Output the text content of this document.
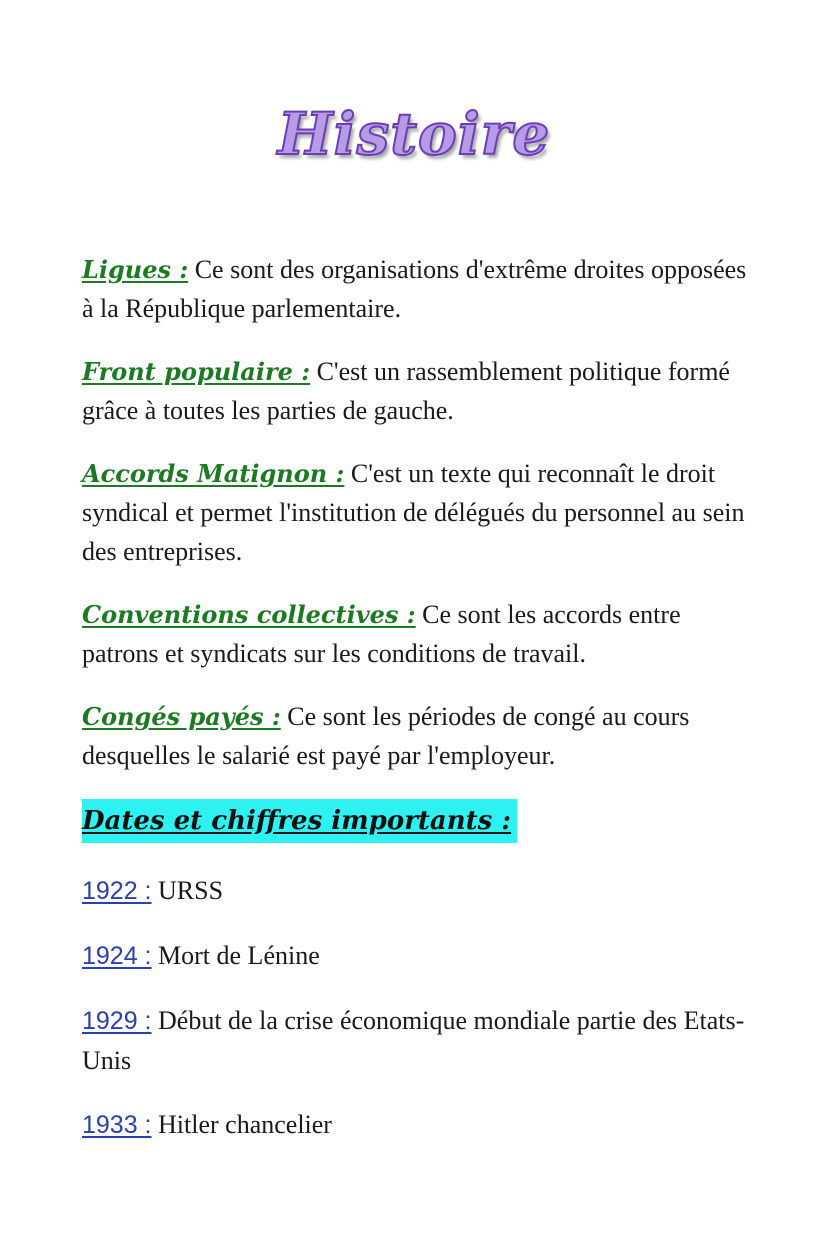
Histoire

Ligues : Ce sont des organisations d'extrême droites opposées à la République parlementaire.

Front populaire : C'est un rassemblement politique formé grâce à toutes les parties de gauche.

Accords Matignon : C'est un texte qui reconnaît le droit syndical et permet l'institution de délégués du personnel au sein des entreprises.

Conventions collectives : Ce sont les accords entre patrons et syndicats sur les conditions de travail.

Congés payés : Ce sont les périodes de congé au cours desquelles le salarié est payé par l'employeur.

Dates et chiffres importants :

1922 : URSS

1924 : Mort de Lénine

1929 : Début de la crise économique mondiale partie des Etats-Unis

1933 : Hitler chancelier
